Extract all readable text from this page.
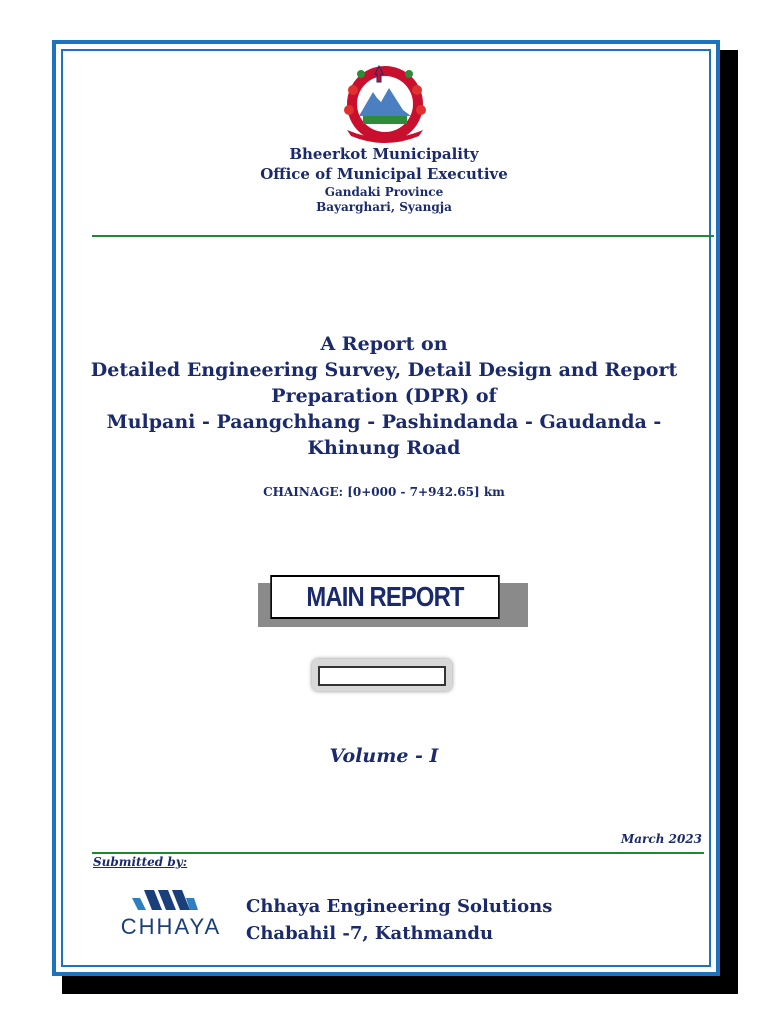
Bheerkot Municipality
Office of Municipal Executive
Gandaki Province
Bayarghari, Syangja
A Report on
Detailed Engineering Survey, Detail Design and Report
Preparation (DPR) of
Mulpani - Paangchhang - Pashindanda - Gaudanda -
Khinung Road
CHAINAGE: [0+000 - 7+942.65] km
MAIN REPORT
Volume - I
March 2023
Submitted by:
CHHAYA
Chhaya Engineering Solutions
Chabahil -7, Kathmandu
